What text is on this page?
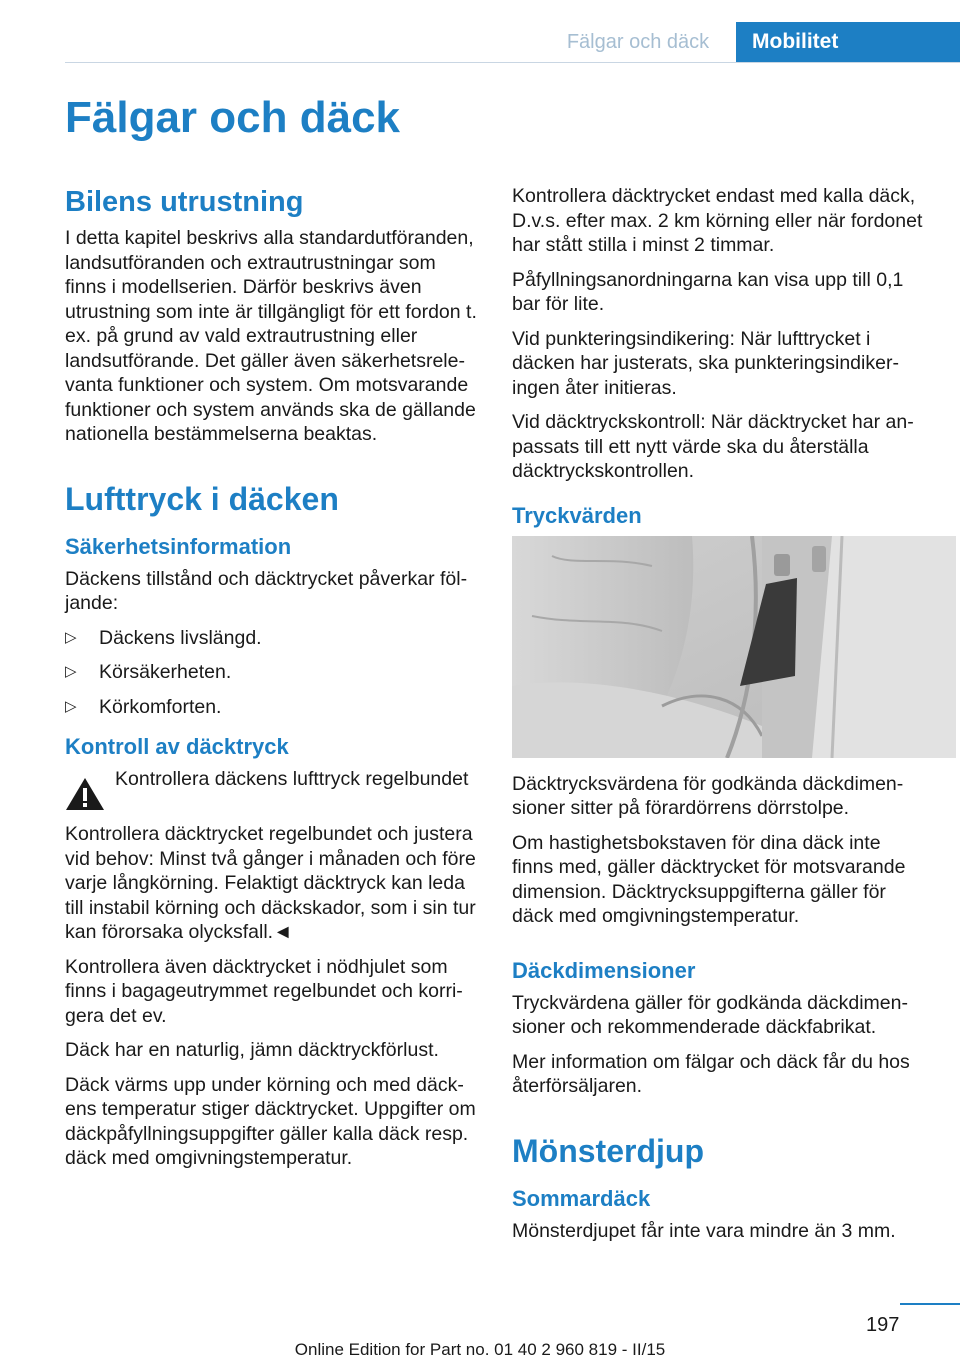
Fälgar och däck	Mobilitet
Fälgar och däck
Bilens utrustning

I detta kapitel beskrivs alla standardutföranden, landsutföranden och extrautrustningar som finns i modellserien. Därför beskrivs även utrustning som inte är tillgängligt för ett fordon t. ex. på grund av vald extrautrustning eller landsutförande. Det gäller även säkerhetsrelevanta funktioner och system. Om motsvarande funktioner och system används ska de gällande nationella bestämmelserna beaktas.

Lufttryck i däcken
Säkerhetsinformation

Däckens tillstånd och däcktrycket påverkar följande:

▷	Däckens livslängd.
▷	Körsäkerheten.
▷	Körkomforten.
Kontroll av däcktryck
Kontrollera däckens lufttryck regelbundet

Kontrollera däcktrycket regelbundet och justera vid behov: Minst två gånger i månaden och före varje långkörning. Felaktigt däcktryck kan leda till instabil körning och däckskador, som i sin tur kan förorsaka olycksfall.◄

Kontrollera även däcktrycket i nödhjulet som finns i bagageutrymmet regelbundet och korrigera det ev.

Däck har en naturlig, jämn däcktryckförlust.

Däck värms upp under körning och med däckens temperatur stiger däcktrycket. Uppgifter om däckpåfyllningsuppgifter gäller kalla däck resp. däck med omgivningstemperatur.

Kontrollera däcktrycket endast med kalla däck, D.v.s. efter max. 2 km körning eller när fordonet har stått stilla i minst 2 timmar.

Påfyllningsanordningarna kan visa upp till 0,1 bar för lite.

Vid punkteringsindikering: När lufttrycket i däcken har justerats, ska punkteringsindikeringen åter initieras.

Vid däcktryckskontroll: När däcktrycket har anpassats till ett nytt värde ska du återställa däcktryckskontrollen.

Tryckvärden

Däcktrycksvärdena för godkända däckdimensioner sitter på förardörrens dörrstolpe.

Om hastighetsbokstaven för dina däck inte finns med, gäller däcktrycket för motsvarande dimension. Däcktrycksuppgifterna gäller för däck med omgivningstemperatur.

Däckdimensioner

Tryckvärdena gäller för godkända däckdimensioner och rekommenderade däckfabrikat.

Mer information om fälgar och däck får du hos återförsäljaren.

Mönsterdjup
Sommardäck

Mönsterdjupet får inte vara mindre än 3 mm.

197
Online Edition for Part no. 01 40 2 960 819 - II/15
